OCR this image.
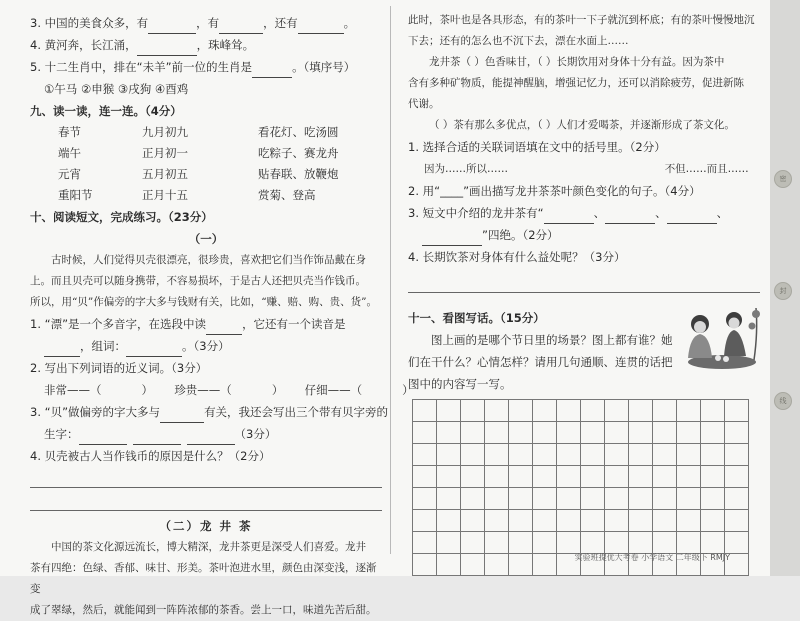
3. 中国的美食众多，有	，有	，还有	。
4. 黄河奔，长江涌，	，珠峰耸。
5. 十二生肖中，排在“未羊”前一位的生肖是	。（填序号）
①午马 ②申猴 ③戌狗 ④酉鸡
九、读一读，连一连。（4分）
春节	九月初九	看花灯、吃汤圆
端午	正月初一	吃粽子、赛龙舟
元宵	五月初五	贴春联、放鞭炮
重阳节	正月十五	赏菊、登高
十、阅读短文，完成练习。（23分）
（一）
古时候，人们觉得贝壳很漂亮，很珍贵，喜欢把它们当作饰品戴在身
上。而且贝壳可以随身携带，不容易损坏，于是古人还把贝壳当作钱币。
所以，用“贝”作偏旁的字大多与钱财有关，比如，“赚、赔、购、贵、货”。
1. “漂”是一个多音字，在选段中读	，它还有一个读音是
，组词：	。（3分）
2. 写出下列词语的近义词。（3分）
非常——（	） 珍贵——（	） 仔细——（	）
3. “贝”做偏旁的字大多与	有关，我还会写出三个带有贝字旁的
生字：	（3分）
4. 贝壳被古人当作钱币的原因是什么？（2分）
（二）龙 井 茶
中国的茶文化源远流长，博大精深，龙井茶更是深受人们喜爱。龙井
茶有四绝：色绿、香郁、味甘、形美。茶叶泡进水里，颜色由深变浅，逐渐变
成了翠绿，然后，就能闻到一阵阵浓郁的茶香。尝上一口，味道先苦后甜。
此时，茶叶也是各具形态，有的茶叶一下子就沉到杯底；有的茶叶慢慢地沉
下去；还有的怎么也不沉下去，漂在水面上……
龙井茶（ ）色香味甘，（ ）长期饮用对身体十分有益。因为茶中
含有多种矿物质，能提神醒脑，增强记忆力，还可以消除疲劳，促进新陈
代谢。
（ ）茶有那么多优点，（ ）人们才爱喝茶，并逐渐形成了茶文化。
1. 选择合适的关联词语填在文中的括号里。（2分）
因为……所以……	不但……而且……
2. 用“____”画出描写龙井茶茶叶颜色变化的句子。（4分）
3. 短文中介绍的龙井茶有“	、	、	、
”四绝。（2分）
4. 长期饮茶对身体有什么益处呢？（3分）
十一、看图写话。（15分）
图上画的是哪个节日里的场景？图上都有谁？她
们在干什么？心情怎样？请用几句通顺、连贯的话把
图中的内容写一写。
实验班提优大考卷 小学语文 二年级下 RMJY
密
封
线
